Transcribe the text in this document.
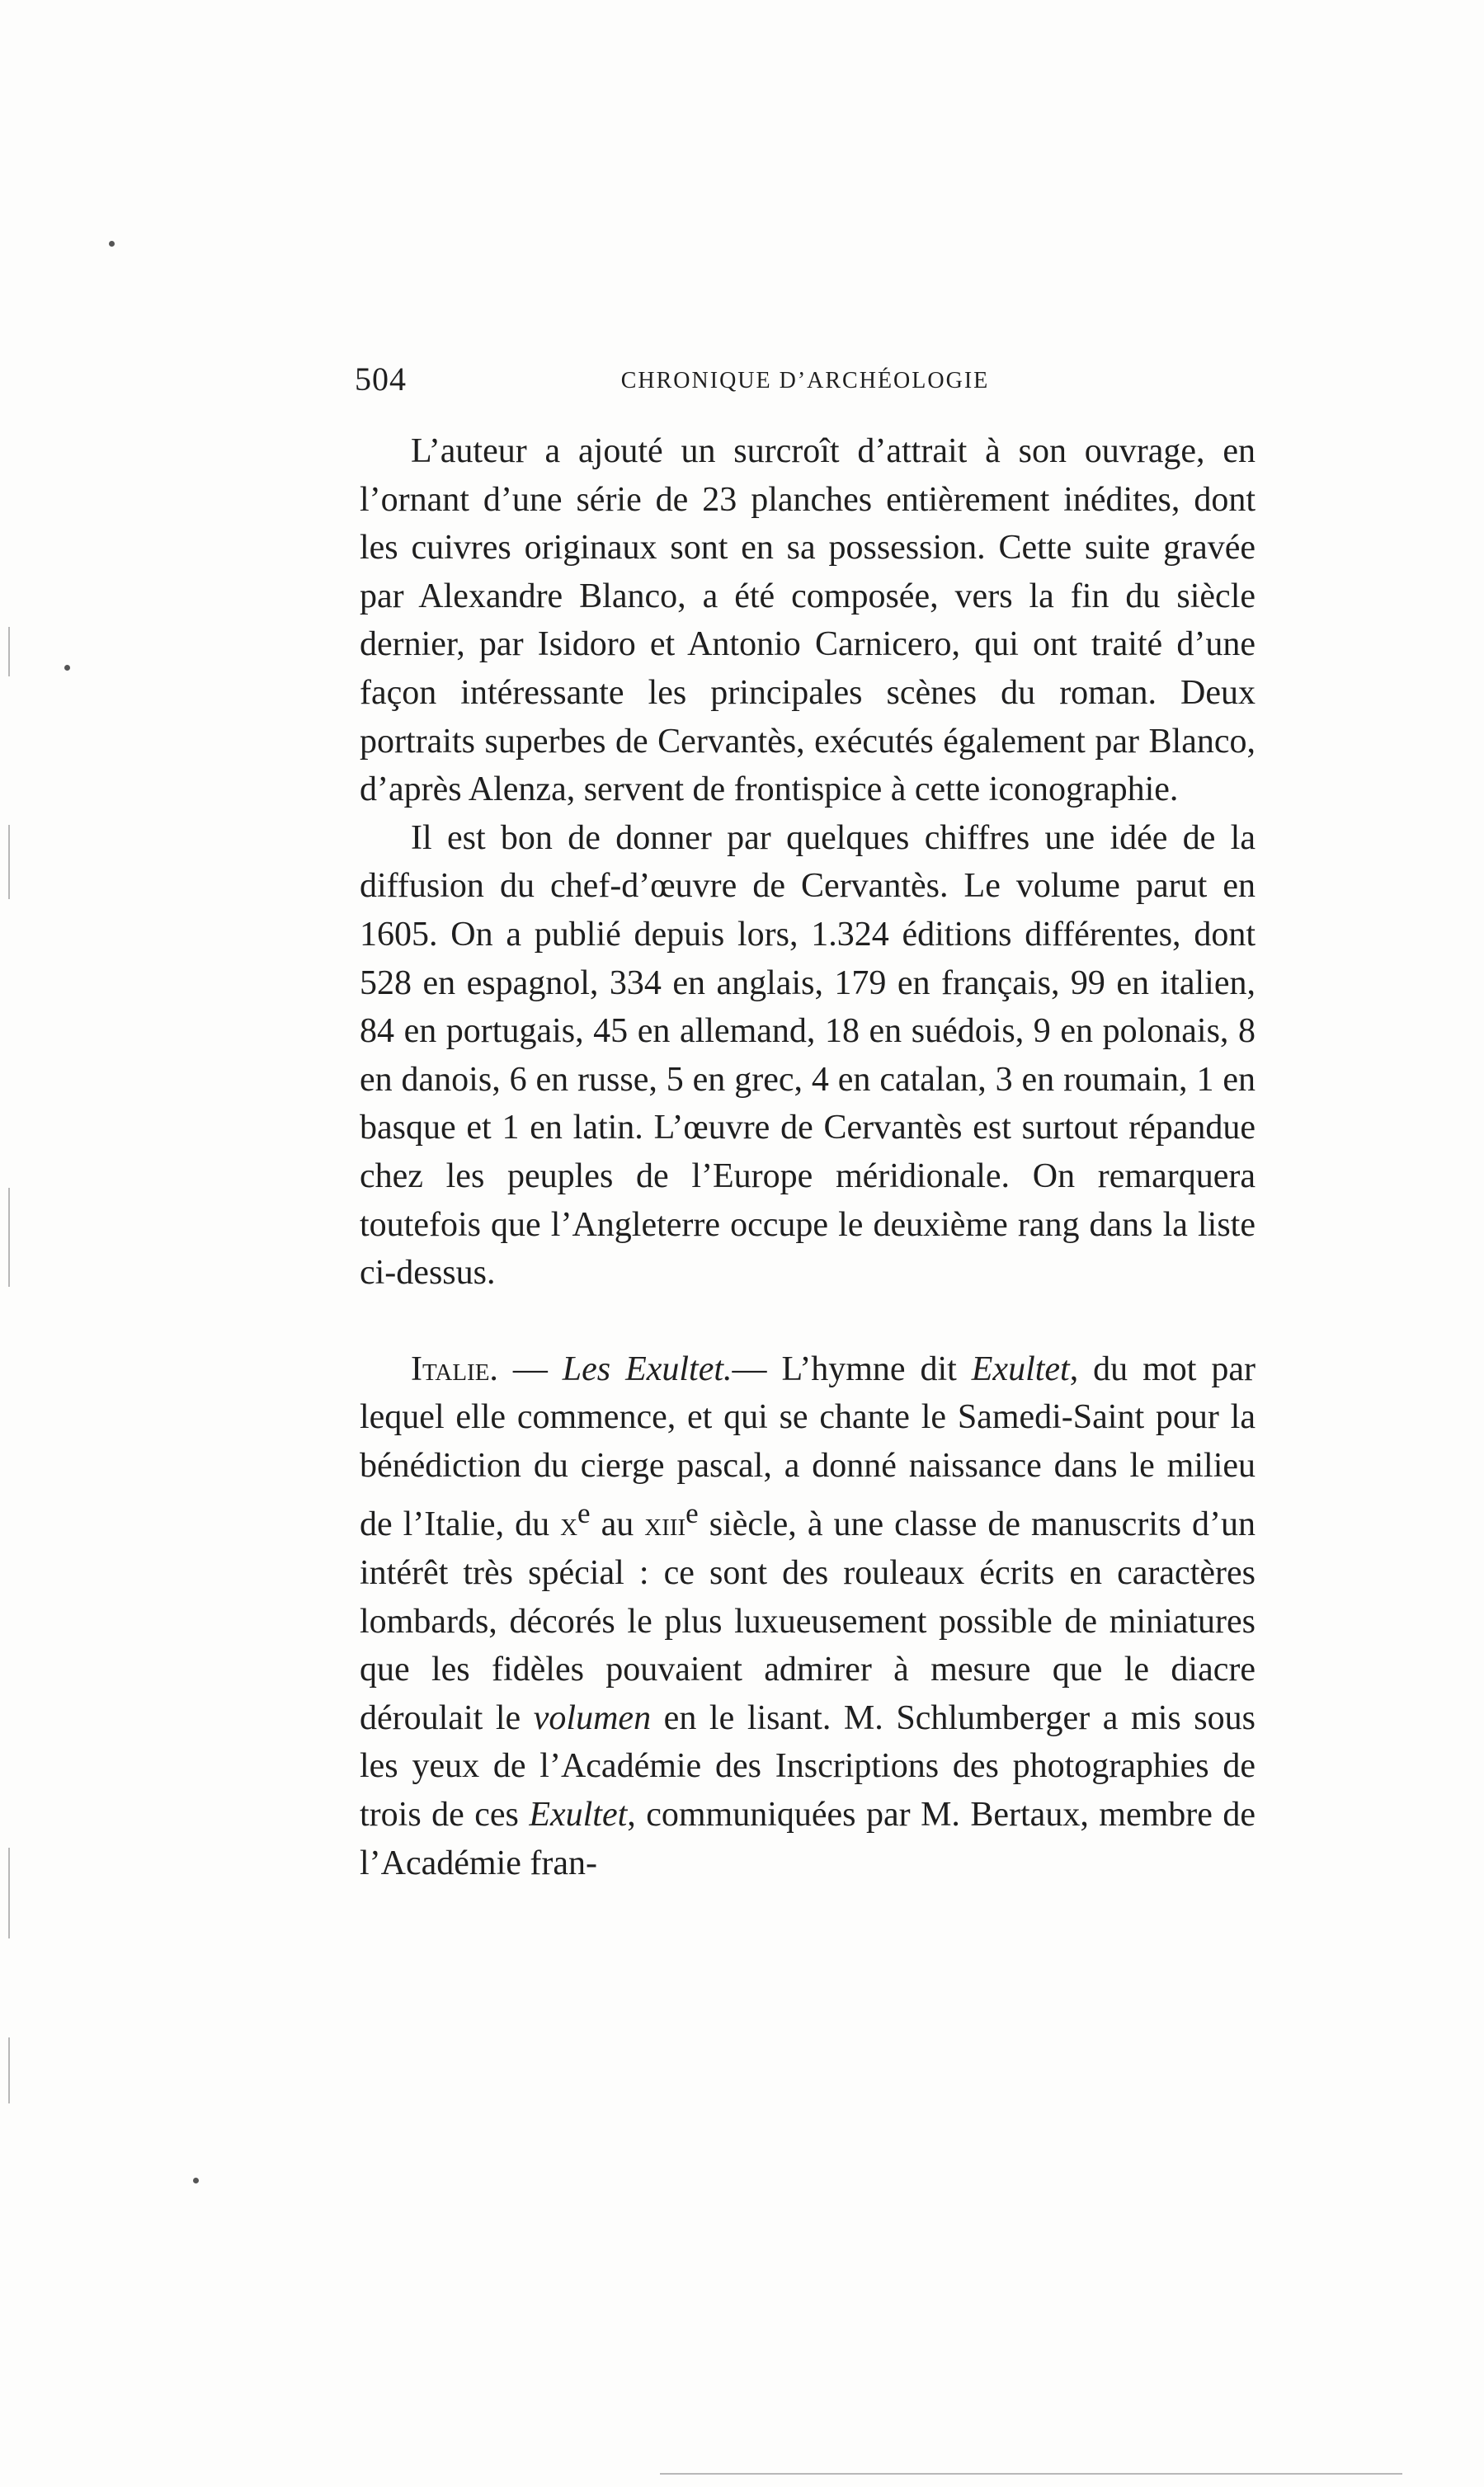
504	CHRONIQUE D’ARCHÉOLOGIE

L’auteur a ajouté un surcroît d’attrait à son ouvrage, en l’ornant d’une série de 23 planches entièrement inédites, dont les cuivres originaux sont en sa possession. Cette suite gravée par Alexandre Blanco, a été composée, vers la fin du siècle dernier, par Isidoro et Antonio Carnicero, qui ont traité d’une façon intéressante les principales scènes du roman. Deux portraits superbes de Cervantès, exécutés également par Blanco, d’après Alenza, servent de frontispice à cette iconographie.

Il est bon de donner par quelques chiffres une idée de la diffusion du chef-d’œuvre de Cervantès. Le volume parut en 1605. On a publié depuis lors, 1.324 éditions différentes, dont 528 en espagnol, 334 en anglais, 179 en français, 99 en italien, 84 en portugais, 45 en allemand, 18 en suédois, 9 en polonais, 8 en danois, 6 en russe, 5 en grec, 4 en catalan, 3 en roumain, 1 en basque et 1 en latin. L’œuvre de Cervantès est surtout répandue chez les peuples de l’Europe méridionale. On remarquera toutefois que l’Angleterre occupe le deuxième rang dans la liste ci-dessus.

Italie. — Les Exultet.— L’hymne dit Exultet, du mot par lequel elle commence, et qui se chante le Samedi-Saint pour la bénédiction du cierge pascal, a donné naissance dans le milieu de l’Italie, du $x^e$ au xiii$^e$ siècle, à une classe de manuscrits d’un intérêt très spécial : ce sont des rouleaux écrits en caractères lombards, décorés le plus luxueusement possible de miniatures que les fidèles pouvaient admirer à mesure que le diacre déroulait le volumen en le lisant. M. Schlumberger a mis sous les yeux de l’Académie des Inscriptions des photographies de trois de ces Exultet, communiquées par M. Bertaux, membre de l’Académie fran-
